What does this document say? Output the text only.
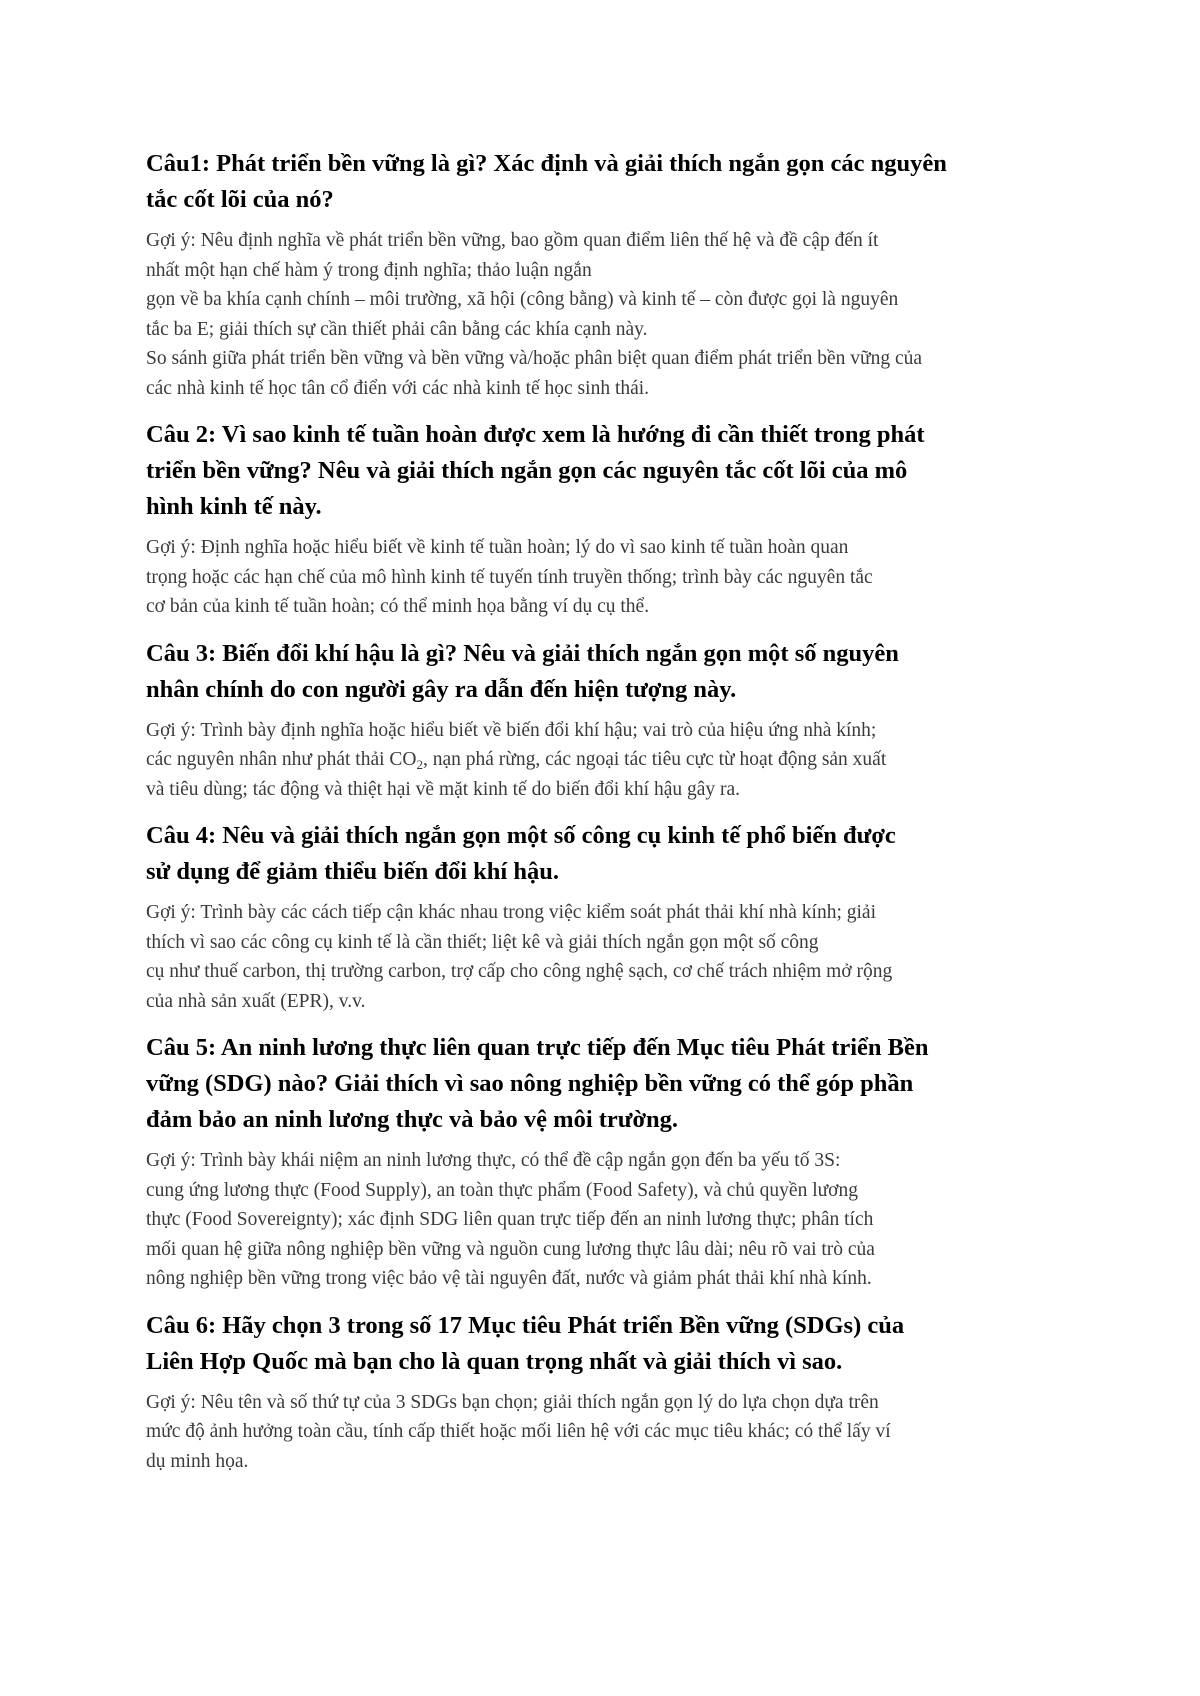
Câu1: Phát triển bền vững là gì? Xác định và giải thích ngắn gọn các nguyên
tắc cốt lõi của nó?
Gợi ý: Nêu định nghĩa về phát triển bền vững, bao gồm quan điểm liên thế hệ và đề cập đến ít
nhất một hạn chế hàm ý trong định nghĩa; thảo luận ngắn
gọn về ba khía cạnh chính – môi trường, xã hội (công bằng) và kinh tế – còn được gọi là nguyên
tắc ba E; giải thích sự cần thiết phải cân bằng các khía cạnh này.
So sánh giữa phát triển bền vững và bền vững và/hoặc phân biệt quan điểm phát triển bền vững của
các nhà kinh tế học tân cổ điển với các nhà kinh tế học sinh thái.
Câu 2: Vì sao kinh tế tuần hoàn được xem là hướng đi cần thiết trong phát
triển bền vững? Nêu và giải thích ngắn gọn các nguyên tắc cốt lõi của mô
hình kinh tế này.
Gợi ý: Định nghĩa hoặc hiểu biết về kinh tế tuần hoàn; lý do vì sao kinh tế tuần hoàn quan
trọng hoặc các hạn chế của mô hình kinh tế tuyến tính truyền thống; trình bày các nguyên tắc
cơ bản của kinh tế tuần hoàn; có thể minh họa bằng ví dụ cụ thể.
Câu 3: Biến đổi khí hậu là gì? Nêu và giải thích ngắn gọn một số nguyên
nhân chính do con người gây ra dẫn đến hiện tượng này.
Gợi ý: Trình bày định nghĩa hoặc hiểu biết về biến đổi khí hậu; vai trò của hiệu ứng nhà kính;
các nguyên nhân như phát thải $CO_2$, nạn phá rừng, các ngoại tác tiêu cực từ hoạt động sản xuất
và tiêu dùng; tác động và thiệt hại về mặt kinh tế do biến đổi khí hậu gây ra.
Câu 4: Nêu và giải thích ngắn gọn một số công cụ kinh tế phổ biến được
sử dụng để giảm thiểu biến đổi khí hậu.
Gợi ý: Trình bày các cách tiếp cận khác nhau trong việc kiểm soát phát thải khí nhà kính; giải
thích vì sao các công cụ kinh tế là cần thiết; liệt kê và giải thích ngắn gọn một số công
cụ như thuế carbon, thị trường carbon, trợ cấp cho công nghệ sạch, cơ chế trách nhiệm mở rộng
của nhà sản xuất (EPR), v.v.
Câu 5: An ninh lương thực liên quan trực tiếp đến Mục tiêu Phát triển Bền
vững (SDG) nào? Giải thích vì sao nông nghiệp bền vững có thể góp phần
đảm bảo an ninh lương thực và bảo vệ môi trường.
Gợi ý: Trình bày khái niệm an ninh lương thực, có thể đề cập ngắn gọn đến ba yếu tố 3S:
cung ứng lương thực (Food Supply), an toàn thực phẩm (Food Safety), và chủ quyền lương
thực (Food Sovereignty); xác định SDG liên quan trực tiếp đến an ninh lương thực; phân tích
mối quan hệ giữa nông nghiệp bền vững và nguồn cung lương thực lâu dài; nêu rõ vai trò của
nông nghiệp bền vững trong việc bảo vệ tài nguyên đất, nước và giảm phát thải khí nhà kính.
Câu 6: Hãy chọn 3 trong số 17 Mục tiêu Phát triển Bền vững (SDGs) của
Liên Hợp Quốc mà bạn cho là quan trọng nhất và giải thích vì sao.
Gợi ý: Nêu tên và số thứ tự của 3 SDGs bạn chọn; giải thích ngắn gọn lý do lựa chọn dựa trên
mức độ ảnh hưởng toàn cầu, tính cấp thiết hoặc mối liên hệ với các mục tiêu khác; có thể lấy ví
dụ minh họa.
